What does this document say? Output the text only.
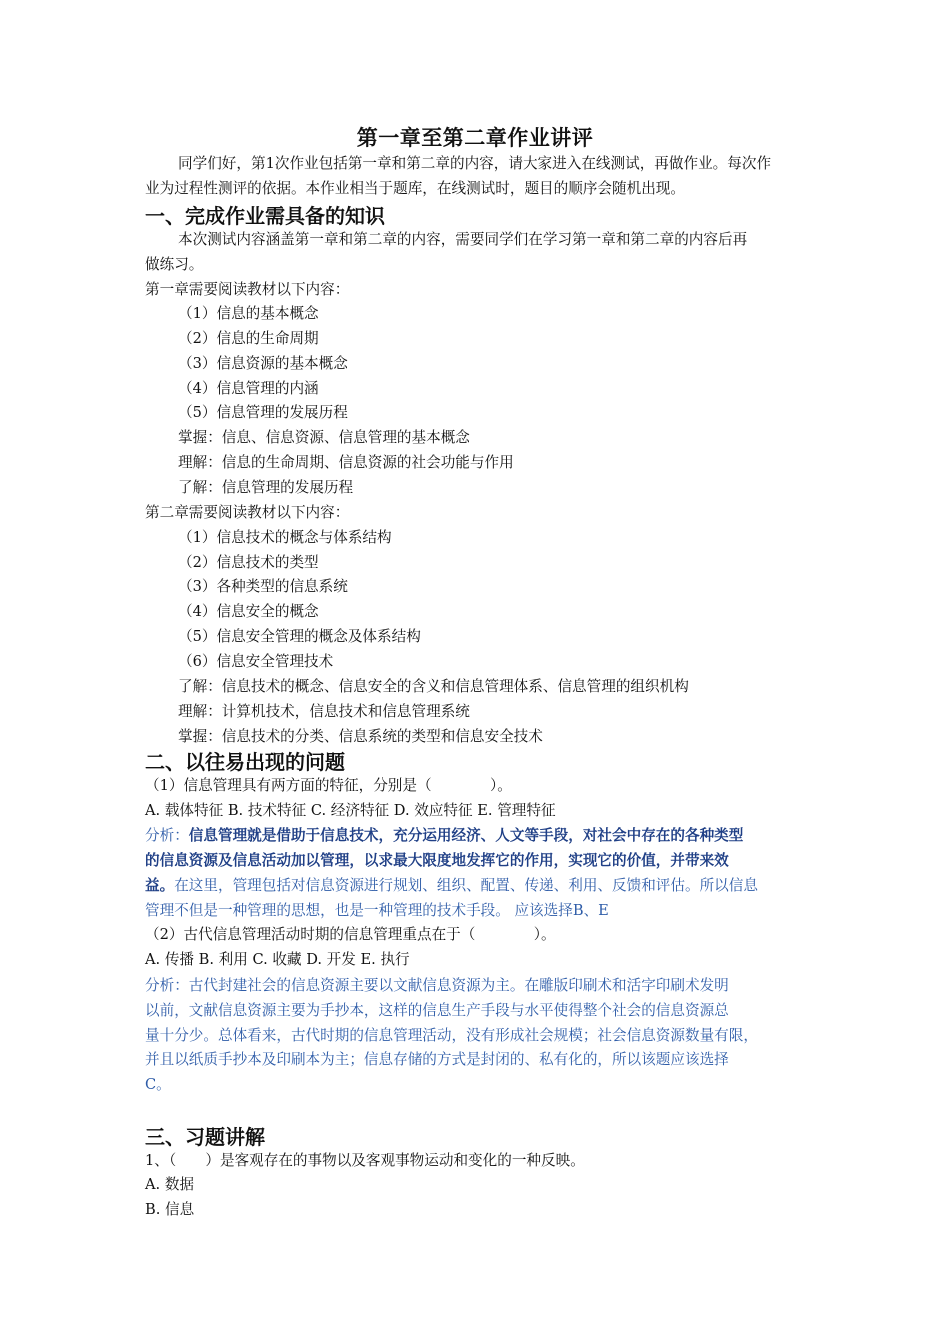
第一章至第二章作业讲评
同学们好，第1次作业包括第一章和第二章的内容，请大家进入在线测试，再做作业。每次作
业为过程性测评的依据。本作业相当于题库，在线测试时，题目的顺序会随机出现。
一、完成作业需具备的知识
本次测试内容涵盖第一章和第二章的内容，需要同学们在学习第一章和第二章的内容后再
做练习。
第一章需要阅读教材以下内容：
（1）信息的基本概念
（2）信息的生命周期
（3）信息资源的基本概念
（4）信息管理的内涵
（5）信息管理的发展历程
掌握：信息、信息资源、信息管理的基本概念
理解：信息的生命周期、信息资源的社会功能与作用
了解：信息管理的发展历程
第二章需要阅读教材以下内容：
（1）信息技术的概念与体系结构
（2）信息技术的类型
（3）各种类型的信息系统
（4）信息安全的概念
（5）信息安全管理的概念及体系结构
（6）信息安全管理技术
了解：信息技术的概念、信息安全的含义和信息管理体系、信息管理的组织机构
理解：计算机技术，信息技术和信息管理系统
掌握：信息技术的分类、信息系统的类型和信息安全技术
二、以往易出现的问题
（1）信息管理具有两方面的特征，分别是（　　　　）。
A. 载体特征 B. 技术特征 C. 经济特征 D. 效应特征 E. 管理特征
分析：信息管理就是借助于信息技术，充分运用经济、人文等手段，对社会中存在的各种类型
的信息资源及信息活动加以管理，以求最大限度地发挥它的作用，实现它的价值，并带来效
益。在这里，管理包括对信息资源进行规划、组织、配置、传递、利用、反馈和评估。所以信息
管理不但是一种管理的思想，也是一种管理的技术手段。 应该选择B、E
（2）古代信息管理活动时期的信息管理重点在于（　　　　）。
A. 传播 B. 利用 C. 收藏 D. 开发 E. 执行
分析：古代封建社会的信息资源主要以文献信息资源为主。在雕版印刷术和活字印刷术发明
以前，文献信息资源主要为手抄本，这样的信息生产手段与水平使得整个社会的信息资源总
量十分少。总体看来，古代时期的信息管理活动，没有形成社会规模；社会信息资源数量有限，
并且以纸质手抄本及印刷本为主；信息存储的方式是封闭的、私有化的，所以该题应该选择
C。
三、习题讲解
1、（　　）是客观存在的事物以及客观事物运动和变化的一种反映。
A. 数据
B. 信息
